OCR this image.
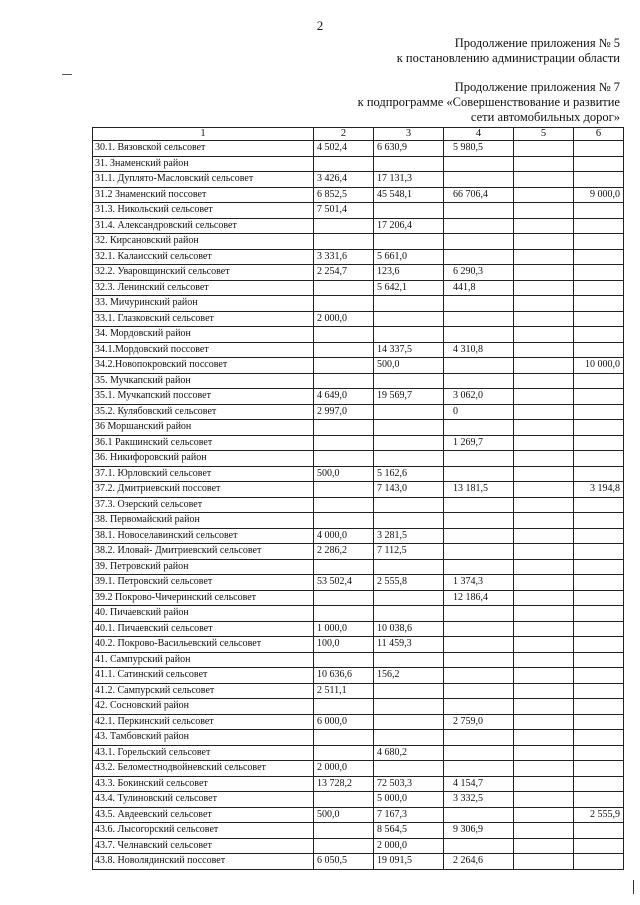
2
Продолжение приложения № 5
к постановлению администрации области
Продолжение приложения № 7
к подпрограмме «Совершенствование и развитие
сети автомобильных дорог»
1	2	3	4	5	6
30.1. Вязовской сельсовет	4 502,4	6 630,9	5 980,5		
31. Знаменский район					
31.1. Дуплято-Масловский сельсовет	3 426,4	17 131,3			
31.2 Знаменский поссовет	6 852,5	45 548,1	66 706,4		9 000,0
31.3. Никольский сельсовет	7 501,4				
31.4. Александровский сельсовет		17 206,4			
32. Кирсановский район					
32.1. Калаисский сельсовет	3 331,6	5 661,0			
32.2. Уваровщинский сельсовет	2 254,7	123,6	6 290,3		
32.3. Ленинский сельсовет		5 642,1	441,8		
33. Мичуринский район					
33.1. Глазковский сельсовет	2 000,0				
34. Мордовский район					
34.1.Мордовский поссовет		14 337,5	4 310,8		
34.2.Новопокровский поссовет		500,0			10 000,0
35. Мучкапский район					
35.1. Мучкапский поссовет	4 649,0	19 569,7	3 062,0		
35.2. Кулябовский сельсовет	2 997,0		0		
36 Моршанский район					
36.1 Ракшинский сельсовет			1 269,7		
36. Никифоровский район					
37.1. Юрловский сельсовет	500,0	5 162,6			
37.2. Дмитриевский поссовет		7 143,0	13 181,5		3 194,8
37.3. Озерский сельсовет					
38. Первомайский район					
38.1. Новоселавинский сельсовет	4 000,0	3 281,5			
38.2. Иловай- Дмитриевский сельсовет	2 286,2	7 112,5			
39. Петровский район					
39.1. Петровский сельсовет	53 502,4	2 555,8	1 374,3		
39.2 Покрово-Чичеринский сельсовет			12 186,4		
40. Пичаевский район					
40.1. Пичаевский сельсовет	1 000,0	10 038,6			
40.2. Покрово-Васильевский сельсовет	100,0	11 459,3			
41. Сампурский район					
41.1. Сатинский сельсовет	10 636,6	156,2			
41.2. Сампурский сельсовет	2 511,1				
42. Сосновский район					
42.1. Перкинский сельсовет	6 000,0		2 759,0		
43. Тамбовский район					
43.1. Горельский сельсовет		4 680,2			
43.2. Беломестнодвойневский сельсовет	2 000,0				
43.3. Бокинский сельсовет	13 728,2	72 503,3	4 154,7		
43.4. Тулиновский сельсовет		5 000,0	3 332,5		
43.5. Авдеевский сельсовет	500,0	7 167,3			2 555,9
43.6. Лысогорский сельсовет		8 564,5	9 306,9		
43.7. Челнавский сельсовет		2 000,0			
43.8. Новолядинский поссовет	6 050,5	19 091,5	2 264,6		
